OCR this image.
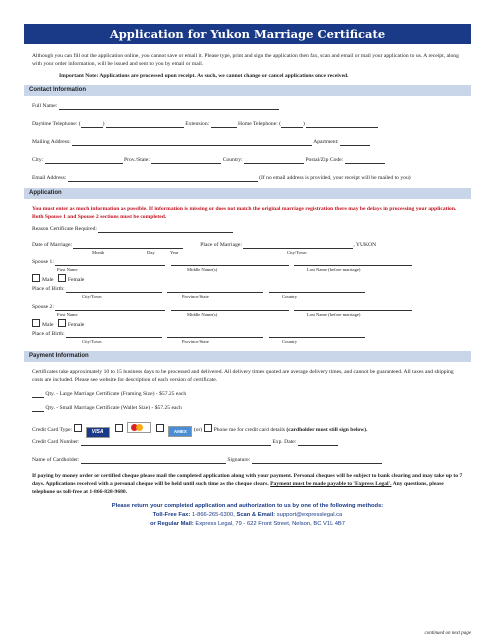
Application for Yukon Marriage Certificate
Although you can fill out the application online, you cannot save or email it. Please type, print and sign the application then fax, scan and email or mail your application to us. A receipt, along with your order information, will be issued and sent to you by email or mail.
Important Note: Applications are processed upon receipt. As such, we cannot change or cancel applications once received.
Contact Information
Full Name:
Daytime Telephone: (	)	Extension:	Home Telephone: (	)
Mailing Address:	Apartment:
City:	Prov./State:	Country:	Postal/Zip Code:
Email Address:	(If no email address is provided, your receipt will be mailed to you)
Application
You must enter as much information as possible. If information is missing or does not match the original marriage registration there may be delays in processing your application. Both Spouse 1 and Spouse 2 sections must be completed.
Reason Certificate Required:
Date of Marriage:	Place of Marriage:	, YUKON
Month	Day	Year	City/Town
Spouse 1:
First Name	Middle Name(s)	Last Name (before marriage)
Male	Female
Place of Birth:
City/Town	Province/State	Country
Spouse 2:
First Name	Middle Name(s)	Last Name (before marriage)
Male	Female
Place of Birth:
City/Town	Province/State	Country
Payment Information
Certificates take approximately 10 to 15 business days to be processed and delivered. All delivery times quoted are average delivery times, and cannot be guaranteed. All taxes and shipping costs are included. Please see website for description of each version of certificate.
Qty. - Large Marriage Certificate (Framing Size) - $57.25 each
Qty. - Small Marriage Certificate (Wallet Size) - $57.25 each
Credit Card Type:	VISA	AMEX (or) Phone me for credit card details (cardholder must still sign below).
Credit Card Number:	Exp. Date:
Name of Cardholder:	Signature:
If paying by money order or certified cheque please mail the completed application along with your payment. Personal cheques will be subject to bank clearing and may take up to 7 days. Applications received with a personal cheque will be held until such time as the cheque clears. Payment must be made payable to 'Express Legal'. Any questions, please telephone us toll-free at 1-866-828-9680.
Please return your completed application and authorization to us by one of the following methods:
Toll-Free Fax: 1-866-265-6300, Scan & Email: support@expresslegal.ca
or Regular Mail: Express Legal, 79 - 622 Front Street, Nelson, BC V1L 4B7
continued on next page
